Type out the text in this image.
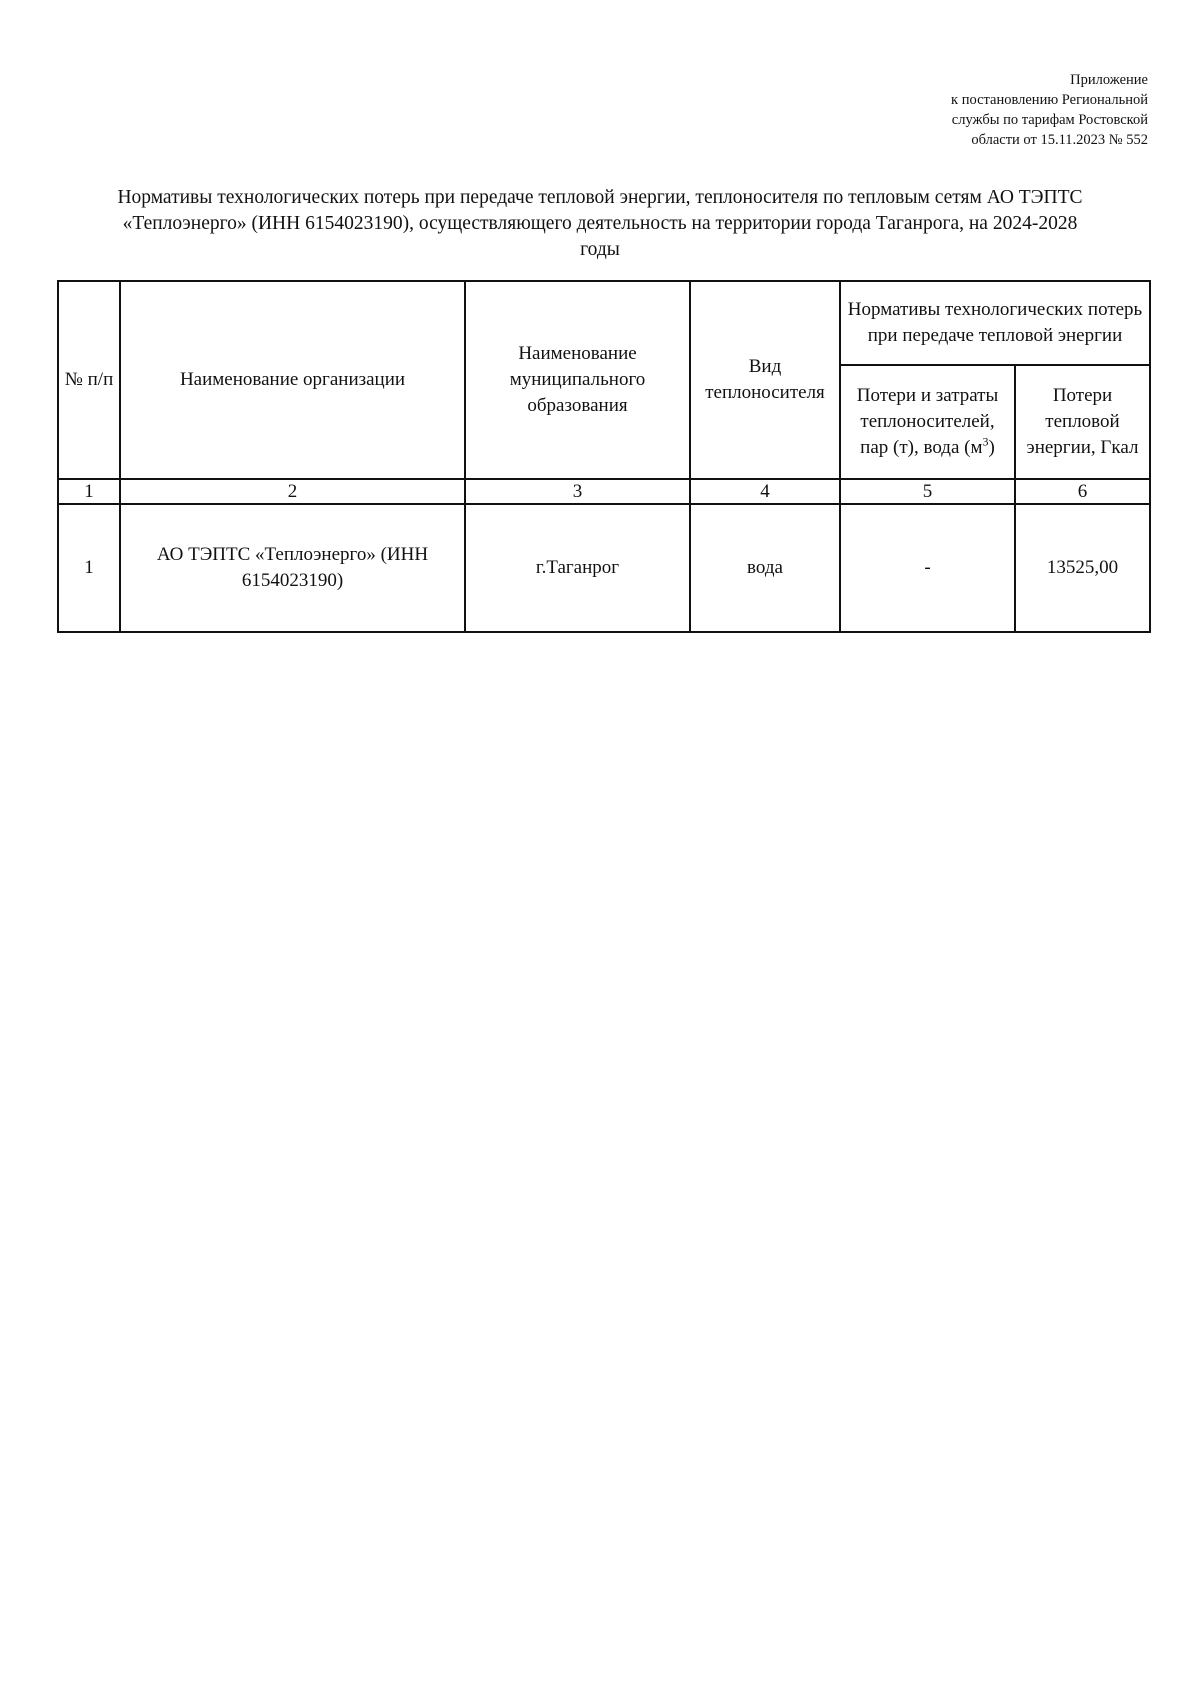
Приложение
к постановлению Региональной
службы по тарифам Ростовской
области от 15.11.2023 № 552
Нормативы технологических потерь при передаче тепловой энергии, теплоносителя по тепловым сетям АО ТЭПТС
«Теплоэнерго» (ИНН 6154023190), осуществляющего деятельность на территории города Таганрога, на 2024-2028
годы
№ п/п	Наименование организации	Наименование муниципального образования	Вид теплоносителя	Нормативы технологических потерь при передаче тепловой энергии	
				Потери и затраты теплоносителей, пар (т), вода $(м^3)$	Потери тепловой энергии, Гкал
1	2	3	4	5	6
1	АО ТЭПТС «Теплоэнерго» (ИНН 6154023190)	г.Таганрог	вода	-	13525,00
